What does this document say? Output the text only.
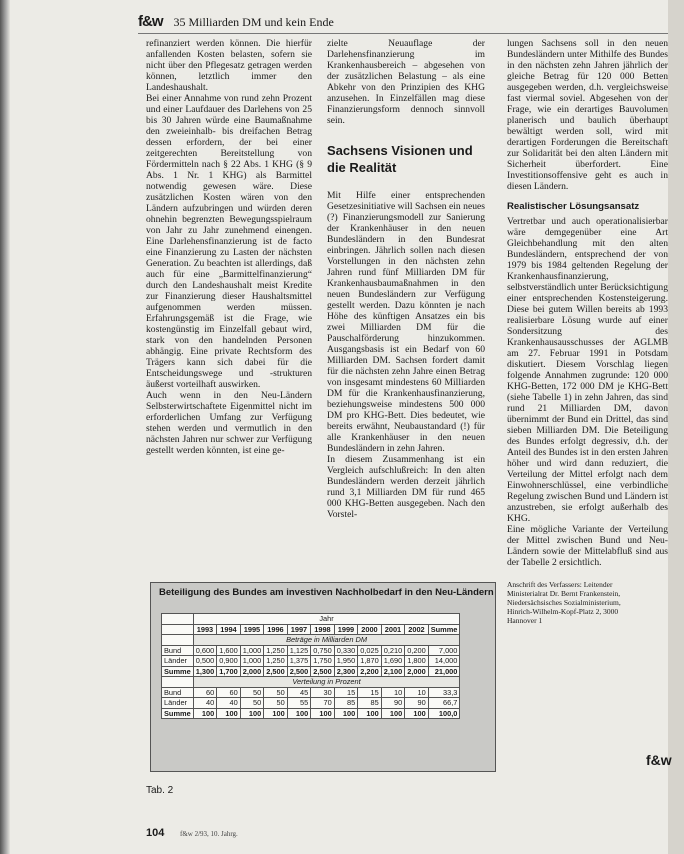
f&w 35 Milliarden DM und kein Ende

refinanziert werden können. Die hierfür anfallenden Kosten belasten, sofern sie nicht über den Pflegesatz getragen werden können, letztlich immer den Landeshaushalt.

Bei einer Annahme von rund zehn Prozent und einer Laufdauer des Darlehens von 25 bis 30 Jahren würde eine Baumaßnahme den zweieinhalb- bis dreifachen Betrag dessen erfordern, der bei einer zeitgerechten Bereitstellung von Fördermitteln nach § 22 Abs. 1 KHG (§ 9 Abs. 1 Nr. 1 KHG) als Barmittel notwendig gewesen wäre. Diese zusätzlichen Kosten wären von den Ländern aufzubringen und würden deren ohnehin begrenzten Bewegungsspielraum von Jahr zu Jahr zunehmend einengen. Eine Darlehensfinanzierung ist de facto eine Finanzierung zu Lasten der nächsten Generation. Zu beachten ist allerdings, daß auch für eine „Barmittelfinanzierung“ durch den Landeshaushalt meist Kredite zur Finanzierung dieser Haushaltsmittel aufgenommen werden müssen. Erfahrungsgemäß ist die Frage, wie kostengünstig im Einzelfall gebaut wird, stark von den handelnden Personen abhängig. Eine private Rechtsform des Trägers kann sich dabei für die Entscheidungswege und -strukturen äußerst vorteilhaft auswirken.

Auch wenn in den Neu-Ländern Selbsterwirtschaftete Eigenmittel nicht im erforderlichen Umfang zur Verfügung stehen werden und vermutlich in den nächsten Jahren nur schwer zur Verfügung gestellt werden könnten, ist eine ge-

zielte Neuauflage der Darlehensfinanzierung im Krankenhausbereich – abgesehen von der zusätzlichen Belastung – als eine Abkehr von den Prinzipien des KHG anzusehen. In Einzelfällen mag diese Finanzierungsform dennoch sinnvoll sein.

Sachsens Visionen und die Realität

Mit Hilfe einer entsprechenden Gesetzesinitiative will Sachsen ein neues (?) Finanzierungsmodell zur Sanierung der Krankenhäuser in den neuen Bundesländern in den Bundesrat einbringen. Jährlich sollen nach diesen Vorstellungen in den nächsten zehn Jahren rund fünf Milliarden DM für Krankenhausbaumaßnahmen in den neuen Bundesländern zur Verfügung gestellt werden. Dazu könnten je nach Höhe des künftigen Ansatzes ein bis zwei Milliarden DM für die Pauschalförderung hinzukommen. Ausgangsbasis ist ein Bedarf von 60 Milliarden DM. Sachsen fordert damit für die nächsten zehn Jahre einen Betrag von insgesamt mindestens 60 Milliarden DM für die Krankenhausfinanzierung, beziehungsweise mindestens 500 000 DM pro KHG-Bett. Dies bedeutet, wie bereits erwähnt, Neubaustandard (!) für alle Krankenhäuser in den neuen Bundesländern in zehn Jahren.

In diesem Zusammenhang ist ein Vergleich aufschlußreich: In den alten Bundesländern werden derzeit jährlich rund 3,1 Milliarden DM für rund 465 000 KHG-Betten ausgegeben. Nach den Vorstel-

lungen Sachsens soll in den neuen Bundesländern unter Mithilfe des Bundes in den nächsten zehn Jahren jährlich der gleiche Betrag für 120 000 Betten ausgegeben werden, d.h. vergleichsweise fast viermal soviel. Abgesehen von der Frage, wie ein derartiges Bauvolumen planerisch und baulich überhaupt bewältigt werden soll, wird mit derartigen Forderungen die Bereitschaft zur Solidarität bei den alten Ländern mit Sicherheit überfordert. Eine Investitionsoffensive geht es auch in diesen Ländern.

Realistischer Lösungsansatz

Vertretbar und auch operationalisierbar wäre demgegenüber eine Art Gleichbehandlung mit den alten Bundesländern, entsprechend der von 1979 bis 1984 geltenden Regelung der Krankenhausfinanzierung, selbstverständlich unter Berücksichtigung einer entsprechenden Kostensteigerung. Diese bei gutem Willen bereits ab 1993 realisierbare Lösung wurde auf einer Sondersitzung des Krankenhausausschusses der AGLMB am 27. Februar 1991 in Potsdam diskutiert. Diesem Vorschlag liegen folgende Annahmen zugrunde: 120 000 KHG-Betten, 172 000 DM je KHG-Bett (siehe Tabelle 1) in zehn Jahren, das sind rund 21 Milliarden DM, davon übernimmt der Bund ein Drittel, das sind sieben Milliarden DM. Die Beteiligung des Bundes erfolgt degressiv, d.h. der Anteil des Bundes ist in den ersten Jahren höher und wird dann reduziert, die Verteilung der Mittel erfolgt nach dem Einwohnerschlüssel, eine verbindliche Regelung zwischen Bund und Ländern ist anzustreben, sie erfolgt außerhalb des KHG.

Eine mögliche Variante der Verteilung der Mittel zwischen Bund und Neu-Ländern sowie der Mittelabfluß sind aus der Tabelle 2 ersichtlich.

Anschrift des Verfassers: Leitender Ministerialrat Dr. Bernt Frankenstein, Niedersächsisches Sozialministerium, Hinrich-Wilhelm-Kopf-Platz 2, 3000 Hannover 1
f&w
Beteiligung des Bundes am investiven Nachholbedarf in den Neu-Ländern
	Jahr										
	1993	1994	1995	1996	1997	1998	1999	2000	2001	2002	Summe
	Beträge in Milliarden DM										
Bund	0,600	1,600	1,000	1,250	1,125	0,750	0,330	0,025	0,210	0,200	7,000
Länder	0,500	0,900	1,000	1,250	1,375	1,750	1,950	1,870	1,690	1,800	14,000
Summe	1,300	1,700	2,000	2,500	2,500	2,500	2,300	2,200	2,100	2,000	21,000
	Verteilung in Prozent										
Bund	60	60	50	50	45	30	15	15	10	10	33,3
Länder	40	40	50	50	55	70	85	85	90	90	66,7
Summe	100	100	100	100	100	100	100	100	100	100	100,0
Tab. 2
104 f&w 2/93, 10. Jahrg.
